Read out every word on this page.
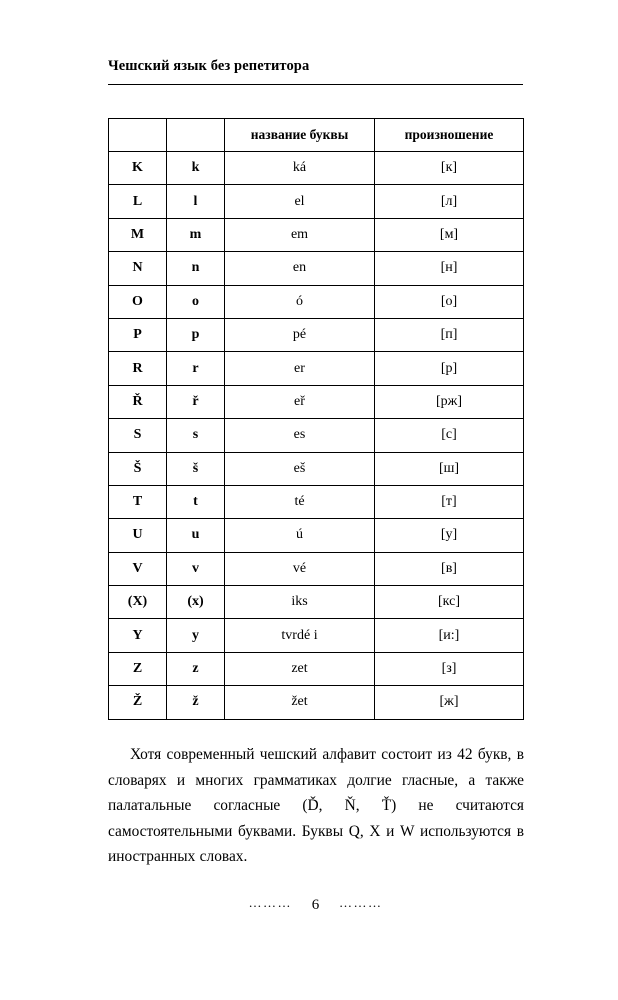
Чешский язык без репетитора
		название буквы	произношение
K	k	ká	[к]
L	l	el	[л]
M	m	em	[м]
N	n	en	[н]
O	o	ó	[о]
P	p	pé	[п]
R	r	er	[р]
Ř	ř	eř	[рж]
S	s	es	[с]
Š	š	eš	[ш]
T	t	té	[т]
U	u	ú	[у]
V	v	vé	[в]
(X)	(x)	iks	[кс]
Y	y	tvrdé i	[и:]
Z	z	zet	[з]
Ž	ž	žet	[ж]
Хотя современный чешский алфавит состоит из 42 букв, в словарях и многих грамматиках долгие гласные, а также палатальные согласные (Ď, Ň, Ť) не считаются самостоятельными буквами. Буквы Q, X и W используются в иностранных словах.
……… 6 ………
